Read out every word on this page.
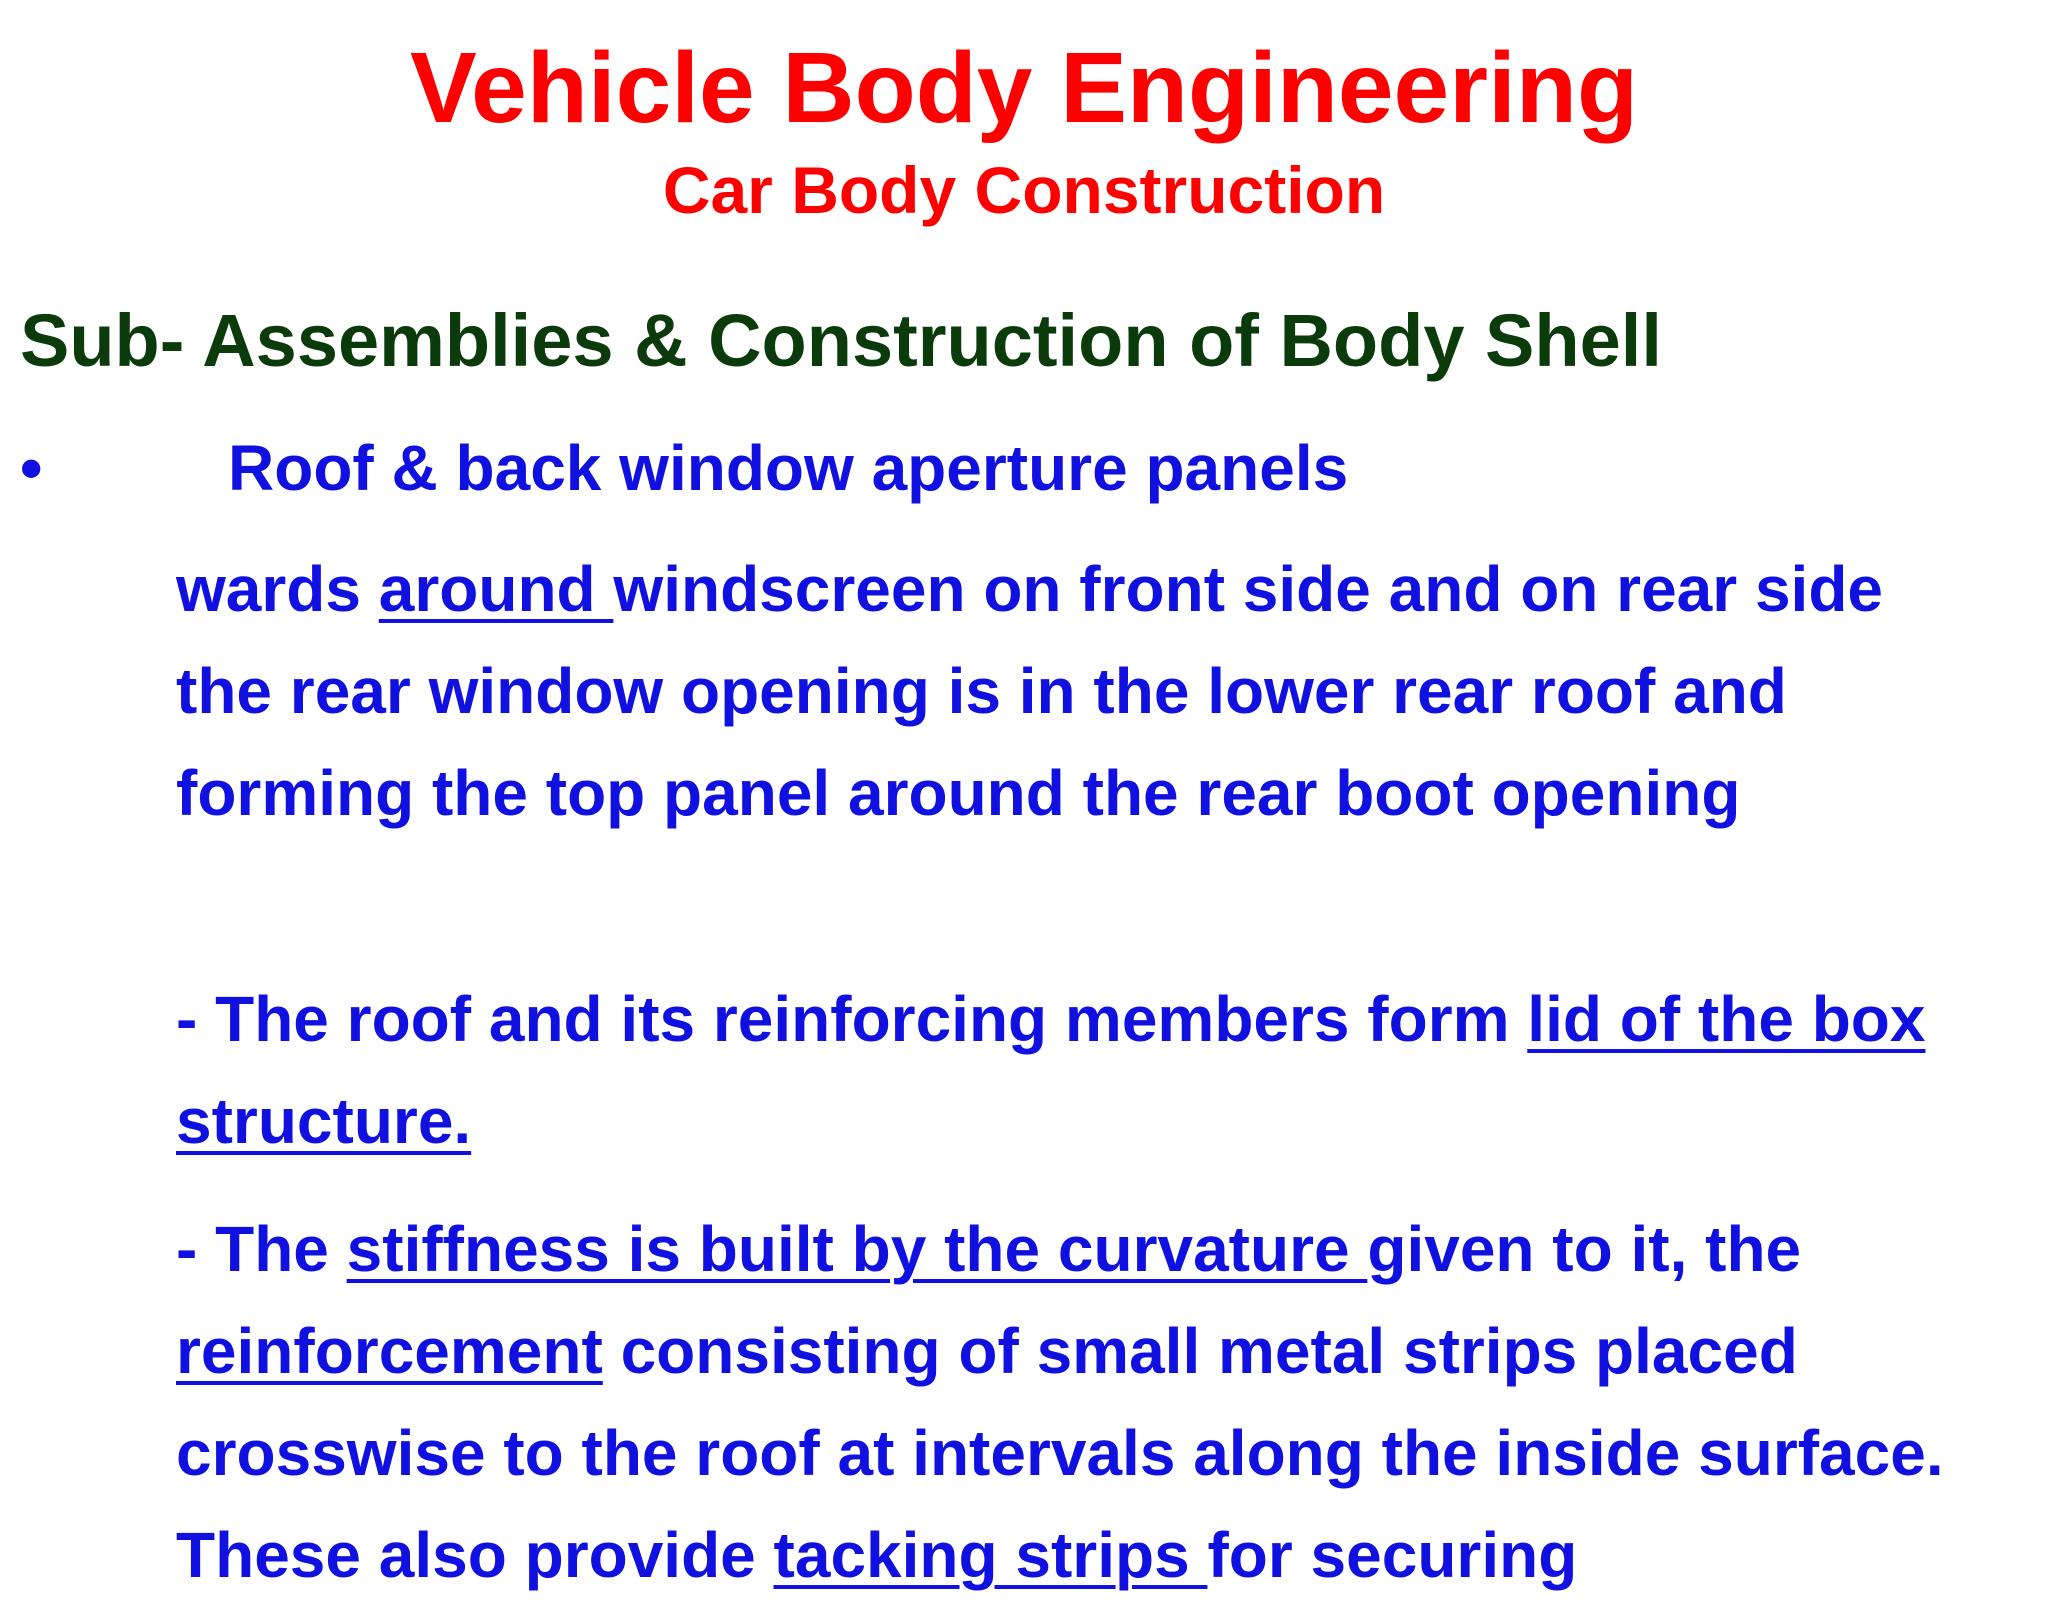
Vehicle Body Engineering
Car Body Construction
Sub- Assemblies & Construction of Body Shell
•	Roof & back window aperture panels
wards around windscreen on front side and on rear side the rear window opening is in the lower rear roof and forming the top panel around the rear boot opening
- The roof and its reinforcing members form lid of the box structure.
- The stiffness is built by the curvature given to it, the reinforcement consisting of small metal strips placed crosswise to the roof at intervals along the inside surface. These also provide tacking strips for securing
